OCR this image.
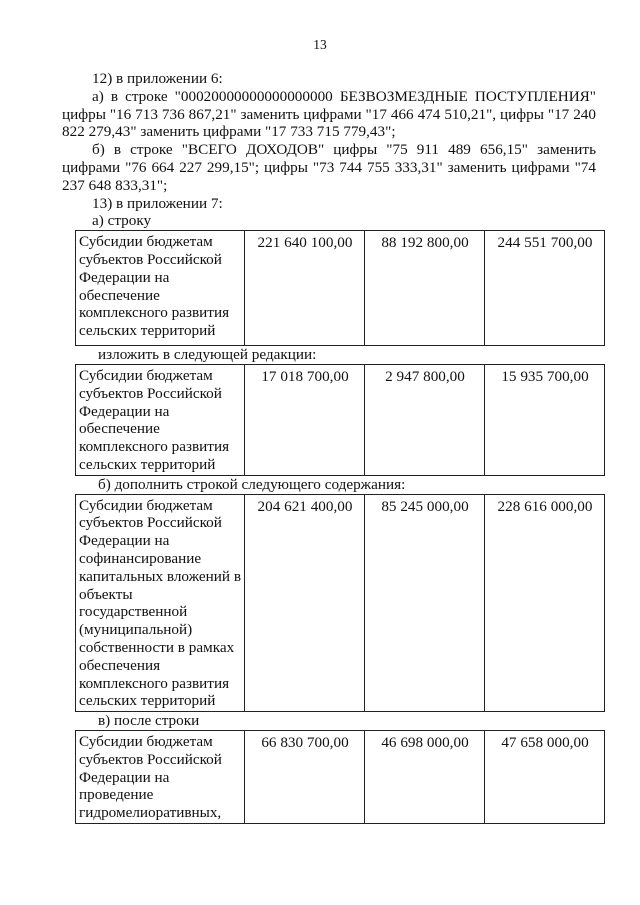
13
12) в приложении 6:
а) в строке "00020000000000000000 БЕЗВОЗМЕЗДНЫЕ ПОСТУПЛЕНИЯ" цифры "16 713 736 867,21" заменить цифрами "17 466 474 510,21", цифры "17 240 822 279,43" заменить цифрами "17 733 715 779,43";
б) в строке "ВСЕГО ДОХОДОВ" цифры "75 911 489 656,15" заменить цифрами "76 664 227 299,15"; цифры "73 744 755 333,31" заменить цифрами "74 237 648 833,31";
13) в приложении 7:
а) строку
Субсидии бюджетам субъектов Российской Федерации на обеспечение комплексного развития сельских территорий	221 640 100,00	88 192 800,00	244 551 700,00
изложить в следующей редакции:
Субсидии бюджетам субъектов Российской Федерации на обеспечение комплексного развития сельских территорий	17 018 700,00	2 947 800,00	15 935 700,00
б) дополнить строкой следующего содержания:
Субсидии бюджетам субъектов Российской Федерации на софинансирование капитальных вложений в объекты государственной (муниципальной) собственности в рамках обеспечения комплексного развития сельских территорий	204 621 400,00	85 245 000,00	228 616 000,00
в) после строки
Субсидии бюджетам субъектов Российской Федерации на проведение гидромелиоративных,	66 830 700,00	46 698 000,00	47 658 000,00
